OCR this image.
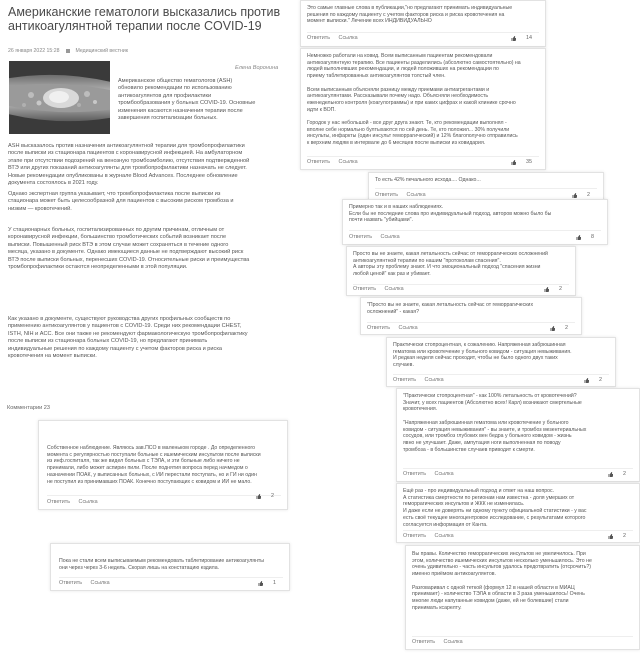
Американские гематологи высказались против
антикоагулянтной терапии после COVID-19
26 января 2022 15:28	Медицинский вестник
Елена Воронина
Американское общество гематологов (ASH)
обновило рекомендации по использованию
антикоагулянтов для профилактики
тромбообразования у больных COVID-19. Основные
изменения касаются назначения терапии после
завершения госпитализации больных.
ASH высказалось против назначения антикоагулянтной терапии для тромбопрофилактики
после выписки из стационара пациентов с коронавирусной инфекцией. На амбулаторном
этапе при отсутствии подозрений на венозную тромбоэмболию, отсутствия подтвержденной
ВТЭ или других показаний антикоагулянты для тромбопрофилактики назначать не следует.
Новые рекомендации опубликованы в журнале Blood Advances. Последнее обновление
документа состоялось в 2021 году.
Однако экспертная группа указывает, что тромбопрофилактика после выписки из
стационара может быть целесообразной для пациентов с высоким риском тромбоза и
низким — кровотечений.
У стационарных больных, госпитализированных по другим причинам, отличным от
коронавирусной инфекции, большинство тромботических событий возникает после
выписки. Повышенный риск ВТЭ в этом случае может сохраняться в течение одного
месяца, указано в документе. Однако имеющиеся данные не подтверждают высокий риск
ВТЭ после выписки больных, перенесших COVID-19. Относительные риски и преимущества
тромбопрофилактики остаются неопределенными в этой популяции.
Как указано в документе, существуют руководства других профильных сообществ по
применению антикоагулянтов у пациентов с COVID-19. Среди них рекомендации CHEST,
ISTH, NIH и ACC. Все они также не рекомендуют фармакологическую тромбопрофилактику
после выписки из стационара больных COVID-19, но предлагают принимать
индивидуальные решения по каждому пациенту с учетом факторов риска и риска
кровотечения на момент выписки.
Комментарии 23
Это самые главные слова в публикации,"но предлагают принимать индивидуальные
решения по каждому пациенту с учетом факторов риска и риска кровотечения на
момент выписки." Лечение всех ИНДИВИДУАЛЬНО
Ответить Ссылка	14
Немножко работали на ковид. Всем выписанным пациентам рекомендовали
антикоагулянтную терапию. Все пациенты разделились (абсолютно самостоятельно) на
людей выполнявших рекомендации, и людей положивших на рекомендации по
приему таблетированных антикоагулянтов толстый член.

Всем выписанным объясняли разницу между приемами антиагрегантами и
антикоагулянтами. Рассказывали почему надо. Объясняли необходимость
еженедельного контроля (коагулограммы) и при каких цифрах и какой клинике срочно
идти к ВОП.

Городок у нас небольшой - все друг друга знают. Те, кто рекомендации выполнял -
вполне себе нормально бултыхаются по сей день. Те, кто положил... 30% получили
инсульты, инфаркты (один инсульт геморрагический) и 12% благополучно отправились
к верхним людям в интервале до 6 месяцев после выписки из ковидария.
Ответить Ссылка	35
То есть 42% печального исхода.... Однако...
Ответить Ссылка	2
Примерно так и в наших наблюдениях.
Если бы не последние слова про индивидуальный подход, авторов можно было бы
почти назвать "убийцами".
Ответить Ссылка	8
Просто вы не знаете, какая летальность сейчас от геморрагических осложнений
антикоагулянтной терапии по нашим "протоколам спасения".
А авторы эту проблему знают. И что эмоциональный подход "спасения жизни
любой ценой" как раз и убивает.
Ответить Ссылка	2
"Просто вы не знаете, какая летальность сейчас от геморрагических
осложнений" - какая?
Ответить Ссылка	2
Практически стопроцентная, к сожалению. Напряженная забрюшинная
гематома или кровотечение у больного ковидом - ситуация невыживания.
И редкая неделя сейчас проходит, чтобы не было одного двух таких
случаев.
Ответить Ссылка	2
"Практически стопроцентная" - как 100% летальность от кровотечений?
Значит, у всех пациентов (Абсолютно всех! Карл) возникают смертельные
кровотечения.

"Напряженная забрюшинная гематома или кровотечение у больного
ковидом - ситуация невыживания" - вы знаете, и тромбоз мезентериальных
сосудов, или тромбоз глубоких вен бедра у больного ковидом - жизнь
явно не улучшает. Даже, ампутация ноги выполненная по поводу
тромбоза - в большинстве случаев приводит к смерти.
Ответить Ссылка	2
Ещё раз - про индивидуальный подход и ответ на наш вопрос.
А статистика смертности по регионам нам известна - доля умерших от
геморрагических инсультов и ЖКК не изменилась.
И даже если не доверять ни одному пункту официальной статистики - у вас
есть своё текущее многоцентровое исследование, с результатами которого
согласуется информация от Канта.
Ответить Ссылка	2
Вы правы. Количество геморрагических инсультов не увеличилось. При
этом, количество ишемических инсультов несколько уменьшилось. Это не
очень удивительно - часть инсультов удалось предотвратить (отсрочить?)
именно приёмом антикоагулянтов.

Разговаривал с одной теткой (формул 12 в нашей области в МИАЦ
принимает) - количество ТЭЛА в области в 3 раза уменьшилось! Очень
многие люди напуганные ковидом (даже, ей не болевшие) стали
принимать ксарелту.
Ответить Ссылка
Собственное наблюдение. Являюсь зав.ПСО в маленьком городе . До определенного
момента с регулярностью поступали больные с ишемическим инсультом после выписки
из инф.госпиталя, так же видел больных с ТЭЛА, и эти больные либо ничего не
принимали, либо может аспирин пили. После поднятия вопроса перед начмедом о
назначении ПОАК, у выписанных больных, с ИИ перестали поступать, но и ГИ ни один
не поступил из принимавших ПОАК. Конечно поступающих с ковидом и ИИ не мало.
Ответить Ссылка
2
Пока не стали всем выписываемым рекомендовать таблетирование антикоагулянты
они через через 3-6 недель. Скорая лишь на констатацию ездила.
Ответить Ссылка	1
